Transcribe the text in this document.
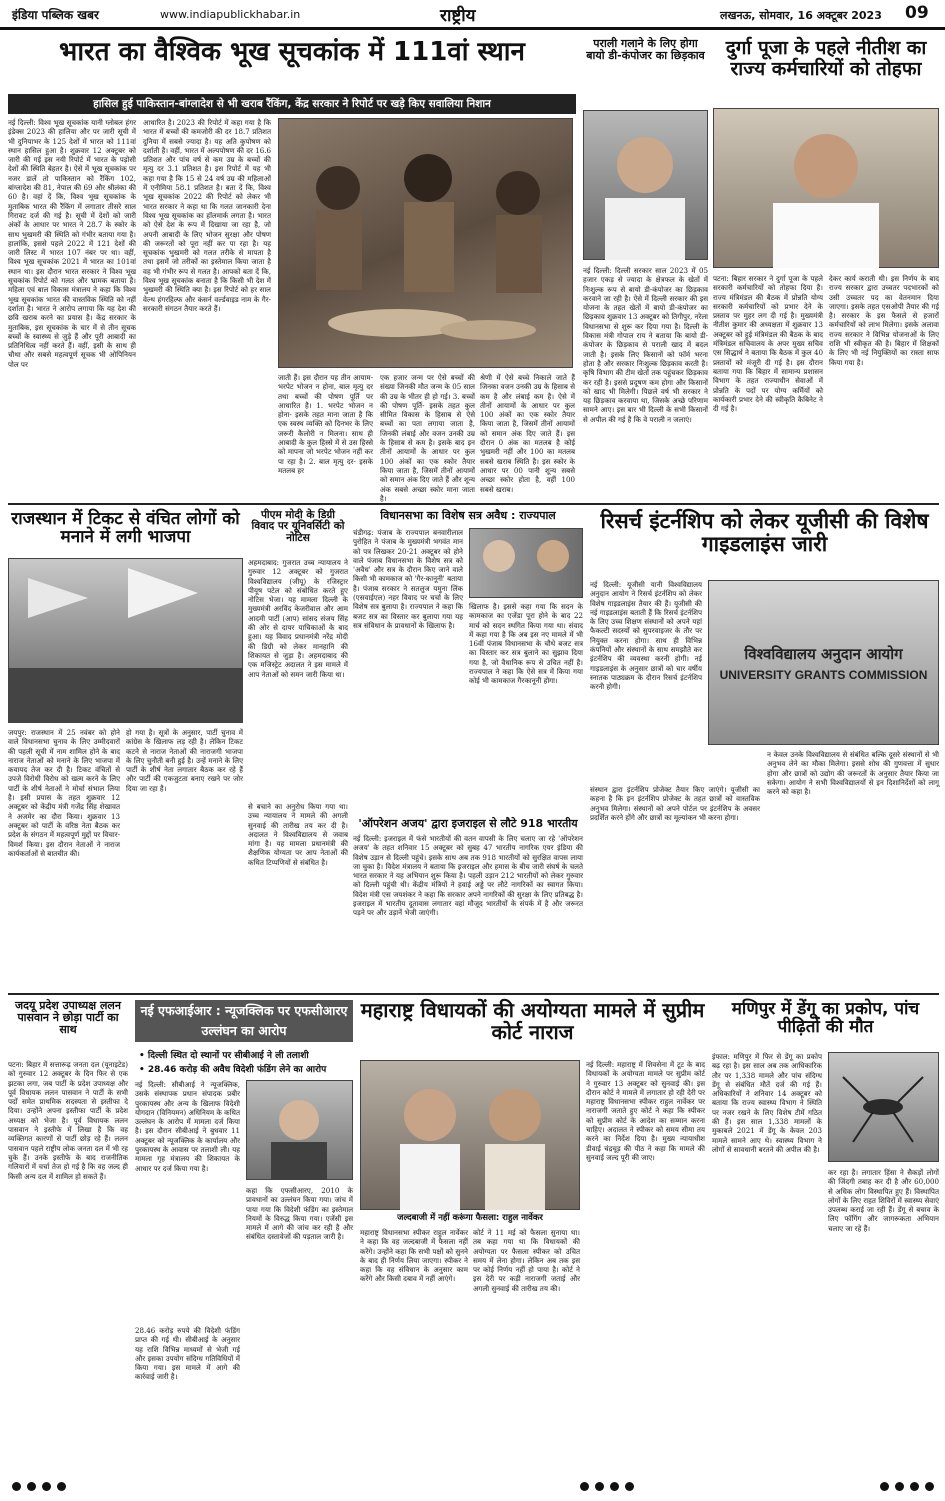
इंडिया पब्लिक खबर	www.indiapublickhabar.in	राष्ट्रीय	लखनऊ, सोमवार, 16 अक्टूबर 2023 09
भारत का वैश्विक भूख सूचकांक में 111वां स्थान
हासिल हुई पाकिस्तान-बांग्लादेश से भी खराब रैंकिंग, केंद्र सरकार ने रिपोर्ट पर खड़े किए सवालिया निशान
नई दिल्ली: विश्व भूख सूचकांक यानी ग्लोबल हंगर इंडेक्स 2023 की हालिया और पर जारी सूची में भी दुनियाभर के 125 देशों में भारत को 111वां स्थान हासिल हुआ है। शुक्रवार 12 अक्टूबर को जारी की गई इस नयी रिपोर्ट में भारत के पड़ोसी देशों की स्थिति बेहतर है। ऐसे में भूख सूचकांक पर नजर डालें तो पाकिस्तान को रैंकिंग 102, बांग्लादेश की 81, नेपाल की 69 और श्रीलंका की 60 है। वहां दें कि, विश्व भूख सूचकांक के मुताबिक भारत की रैंकिंग में लगातार तीसरे साल गिरावट दर्ज की गई है। सूची में देशों को जारी अंकों के आधार पर भारत ने 28.7 के स्कोर के साथ भुखमरी की स्थिति को गंभीर बताया गया है। हालांकि, इससे पहले 2022 में 121 देशों की जारी लिस्ट में भारत 107 नंबर पर था। वहीं, विश्व भूख सूचकांक 2021 में भारत का 101वां स्थान था। इस दौरान भारत सरकार ने विश्व भूख सूचकांक रिपोर्ट को गलत और भ्रामक बताया है। महिला एवं बाल विकास मंत्रालय ने कहा कि विश्व भूख सूचकांक भारत की वास्तविक स्थिति को नहीं दर्शाता है। भारत ने आरोप लगाया कि यह देश की छवि खराब करने का प्रयास है। केंद्र सरकार के मुताबिक, इस सूचकांक के चार में से तीन सूचक बच्चों के स्वास्थ्य से जुड़े हैं और पूरी आबादी का प्रतिनिधित्व नहीं करते हैं। वहीं, इसी के साथ ही चौथा और सबसे महत्वपूर्ण सूचक भी ओपिनियन पोल पर
आधारित है। 2023 की रिपोर्ट में कहा गया है कि भारत में बच्चों की कमजोरी की दर 18.7 प्रतिशत दुनिया में सबसे ज्यादा है। यह अति कुपोषण को दर्शाती है। वहीं, भारत में अल्पपोषण की दर 16.6 प्रतिशत और पांच वर्ष से कम उम्र के बच्चों की मृत्यु दर 3.1 प्रतिशत है। इस रिपोर्ट में यह भी कहा गया है कि 15 से 24 वर्ष उम्र की महिलाओं में एनीमिया 58.1 प्रतिशत है। बता दें कि, विश्व भूख सूचकांक 2022 की रिपोर्ट को लेकर भी भारत सरकार ने कहा था कि गलत जानकारी देना विश्व भूख सूचकांक का हॉलमार्क लगता है। भारत को ऐसे देश के रूप में दिखाया जा रहा है, जो अपनी आबादी के लिए भोजन सुरक्षा और पोषण की जरूरतों को पूरा नहीं कर पा रहा है। यह सूचकांक भुखमरी को गलत तरीके से मापता है तथा इसमें जो तरीकों का इस्तेमाल किया जाता है वह भी गंभीर रूप से गलत है। आपको बता दें कि, विश्व भूख सूचकांक बनाता है कि किसी भी देश में भुखमरी की स्थिति क्या है। इस रिपोर्ट को हर साल वेल्थ हंगरहिल्फ और कंसर्न वर्ल्डवाइड नाम के गैर-सरकारी संगठन तैयार करते हैं।
जाती हैं। इस दौरान यह तीन आयाम- भरपेट भोजन न होना, बाल मृत्यु दर तथा बच्चों की पोषण पूर्ति पर आधारित है। 1. भरपेट भोजन न होना- इसके तहत माना जाता है कि एक स्वस्थ व्यक्ति को दिनभर के लिए जरूरी कैलोरी न मिलना। साथ ही आबादी के कुल हिस्से में से उस हिस्से को मापना जो भरपेट भोजन नहीं कर पा रहा है। 2. बाल मृत्यु दर- इसके मतलब हर
एक हजार जन्म पर ऐसे बच्चों की संख्या जिनकी मौत जन्म के 05 साल की उम्र के भीतर ही हो गई। 3. बच्चों की पोषण पूर्ति- इसके तहत कुल सीमित विकास के हिसाब से ऐसे बच्चों का पता लगाया जाता है, जिनकी लंबाई और वजन उनकी उम्र के हिसाब से कम है। इसके बाद इन तीनों आयामों के आधार पर कुल 100 अंकों का एक स्कोर तैयार किया जाता है, जिसमें तीनों आयामों को समान अंक दिए जाते हैं और शून्य अंक सबसे अच्छा स्कोर माना जाता है।
श्रेणी में ऐसे बच्चे निकाले जाते हैं जिनका वजन उनकी उम्र के हिसाब से कम है और लंबाई कम है। ऐसे में तीनों आयामों के आधार पर कुल 100 अंकों का एक स्कोर तैयार किया जाता है, जिसमें तीनों आयामों को समान अंक दिए जाते हैं। इस दौरान 0 अंक का मतलब है कोई भुखमरी नहीं और 100 का मतलब सबसे खराब स्थिति है। इस स्कोर के आधार पर 00 पानी शून्य सबसे अच्छा स्कोर होता है, वहीं 100 सबसे खराब।
पराली गलाने के लिए होगा बायो डी-कंपोजर का छिड़काव
नई दिल्ली: दिल्ली सरकार साल 2023 में 05 हजार एकड़ से ज्यादा के क्षेत्रफल के खेतों में निःशुल्क रूप से बायो डी-कंपोजर का छिड़काव करवाने जा रही है। ऐसे में दिल्ली सरकार की इस योजना के तहत खेतों में बायो डी-कंपोजर का छिड़काव शुक्रवार 13 अक्टूबर को तिगीपुर, नरेला विधानसभा से शुरू कर दिया गया है। दिल्ली के विकास मंत्री गोपाल राय ने बताया कि बायो डी-कंपोजर के छिड़काव से पराली खाद में बदल जाती है। इसके लिए किसानों को फॉर्म भरना होता है और सरकार निःशुल्क छिड़काव करती है। कृषि विभाग की टीम खेतों तक पहुंचकर छिड़काव कर रही है। इससे प्रदूषण कम होगा और किसानों को खाद भी मिलेगी। पिछले वर्ष भी सरकार ने यह छिड़काव करवाया था, जिसके अच्छे परिणाम सामने आए। इस बार भी दिल्ली के सभी किसानों से अपील की गई है कि वे पराली न जलाएं।
दुर्गा पूजा के पहले नीतीश का राज्य कर्मचारियों को तोहफा
पटना: बिहार सरकार ने दुर्गा पूजा के पहले सरकारी कर्मचारियों को तोहफा दिया है। राज्य मंत्रिमंडल की बैठक में प्रोन्नति योग्य सरकारी कर्मचारियों को प्रभार देने के प्रस्ताव पर मुहर लग दी गई है। मुख्यमंत्री नीतीश कुमार की अध्यक्षता में शुक्रवार 13 अक्टूबर को हुई मंत्रिमंडल की बैठक के बाद मंत्रिमंडल सचिवालय के अपर मुख्य सचिव एस सिद्धार्थ ने बताया कि बैठक में कुल 40 प्रस्तावों को मंजूरी दी गई है। इस दौरान बताया गया कि बिहार में सामान्य प्रशासन विभाग के तहत राज्याधीन सेवाओं में प्रोन्नति के पदों पर योग्य कर्मियों को कार्यकारी प्रभार देने की स्वीकृति कैबिनेट ने दी गई है।
देकर कार्य कराती थी। इस निर्णय के बाद राज्य सरकार द्वारा उच्चतर पदभारकों को उसी उच्चतर पद का वेतनमान दिया जाएगा। इसके तहत एसओपी तैयार की गई है। सरकार के इस फैसले से हजारों कर्मचारियों को लाभ मिलेगा। इसके अलावा राज्य सरकार ने विभिन्न योजनाओं के लिए राशि भी स्वीकृत की है। बिहार में शिक्षकों के लिए भी नई नियुक्तियों का रास्ता साफ किया गया है।
राजस्थान में टिकट से वंचित लोगों को मनाने में लगी भाजपा
जयपुर: राजस्थान में 25 नवंबर को होने वाले विधानसभा चुनाव के लिए उम्मीदवारों की पहली सूची में नाम शामिल होने के बाद नाराज नेताओं को मनाने के लिए भाजपा में कवायद तेज कर दी है। टिकट वंचितों से उपजे विरोधी विरोध को खत्म करने के लिए पार्टी के शीर्ष नेताओं ने मोर्चा संभाल लिया है। इसी प्रयास के तहत शुक्रवार 12 अक्टूबर को केंद्रीय मंत्री गजेंद्र सिंह शेखावत ने अजमेर का दौरा किया। शुक्रवार 13 अक्टूबर को पार्टी के वरिष्ठ नेता बैठक कर प्रदेश के संगठन में महत्वपूर्ण मुद्दों पर विचार-विमर्श किया। इस दौरान नेताओं ने नाराज कार्यकर्ताओं से बातचीत की।
हो गया है। सूत्रों के अनुसार, पार्टी चुनाव में कांग्रेस के खिलाफ लड़ रही है। लेकिन टिकट कटने से नाराज नेताओं की नाराजगी भाजपा के लिए चुनौती बनी हुई है। उन्हें मनाने के लिए पार्टी के शीर्ष नेता लगातार बैठक कर रहे हैं और पार्टी की एकजुटता बनाए रखने पर जोर दिया जा रहा है।
पीएम मोदी के डिग्री विवाद पर यूनिवर्सिटी को नोटिस
अहमदाबाद: गुजरात उच्च न्यायालय ने गुरुवार 12 अक्टूबर को गुजरात विश्वविद्यालय (जीयू) के रजिस्ट्रार पीयूष पटेल को संबोधित करते हुए नोटिस भेजा। यह मामला दिल्ली के मुख्यमंत्री अरविंद केजरीवाल और आम आदमी पार्टी (आप) सांसद संजय सिंह की ओर से दायर याचिकाओं के बाद हुआ। यह विवाद प्रधानमंत्री नरेंद्र मोदी की डिग्री को लेकर मानहानि की शिकायत से जुड़ा है। अहमदाबाद की एक मजिस्ट्रेट अदालत ने इस मामले में आप नेताओं को समन जारी किया था।
से बचाने का अनुरोध किया गया था। उच्च न्यायालय ने मामले की अगली सुनवाई की तारीख तय कर दी है। अदालत ने विश्वविद्यालय से जवाब मांगा है। यह मामला प्रधानमंत्री की शैक्षणिक योग्यता पर आप नेताओं की कथित टिप्पणियों से संबंधित है।
विधानसभा का विशेष सत्र अवैध : राज्यपाल
चंडीगढ़: पंजाब के राज्यपाल बनवारीलाल पुरोहित ने पंजाब के मुख्यमंत्री भगवंत मान को पत्र लिखकर 20-21 अक्टूबर को होने वाले पंजाब विधानसभा के विशेष सत्र को 'अवैध' और सत्र के दौरान किए जाने वाले किसी भी कामकाज को 'गैर-कानूनी' बताया है। पंजाब सरकार ने सतलुज यमुना लिंक (एसवाईएल) नहर विवाद पर चर्चा के लिए विशेष सत्र बुलाया है। राज्यपाल ने कहा कि बजट सत्र का विस्तार कर बुलाया गया यह सत्र संविधान के प्रावधानों के खिलाफ है।
खिलाफ है। इससे कहा गया कि सदन के कामकाज का एजेंडा पूरा होने के बाद 22 मार्च को सदन स्थगित किया गया था। संवाद में कहा गया है कि अब इस नए मामले में भी 16वीं पंजाब विधानसभा के चौथे बजट सत्र का विस्तार कर सत्र बुलाने का सुझाव दिया गया है, जो वैधानिक रूप से उचित नहीं है। राज्यपाल ने कहा कि ऐसे सत्र में किया गया कोई भी कामकाज गैरकानूनी होगा।
'ऑपरेशन अजय' द्वारा इजराइल से लौटे 918 भारतीय
नई दिल्ली: इजराइल में फंसे भारतीयों की वतन वापसी के लिए चलाए जा रहे 'ऑपरेशन अजय' के तहत शनिवार 15 अक्टूबर को सुबह 47 भारतीय नागरिक एयर इंडिया की विशेष उड़ान से दिल्ली पहुंचे। इसके साथ अब तक 918 भारतीयों को सुरक्षित वापस लाया जा चुका है। विदेश मंत्रालय ने बताया कि इजराइल और हमास के बीच जारी संघर्ष के चलते भारत सरकार ने यह अभियान शुरू किया है। पहली उड़ान 212 भारतीयों को लेकर गुरुवार को दिल्ली पहुंची थी। केंद्रीय मंत्रियों ने हवाई अड्डे पर लौटे नागरिकों का स्वागत किया। विदेश मंत्री एस जयशंकर ने कहा कि सरकार अपने नागरिकों की सुरक्षा के लिए प्रतिबद्ध है। इजराइल में भारतीय दूतावास लगातार वहां मौजूद भारतीयों के संपर्क में है और जरूरत पड़ने पर और उड़ानें भेजी जाएंगी।
रिसर्च इंटर्नशिप को लेकर यूजीसी की विशेष गाइडलाइंस जारी
नई दिल्ली: यूजीसी यानी विश्वविद्यालय अनुदान आयोग ने रिसर्च इंटर्नशिप को लेकर विशेष गाइडलाइंस तैयार की हैं। यूजीसी की नई गाइडलाइंस बताती हैं कि रिसर्च इंटर्नशिप के लिए उच्च शिक्षण संस्थानों को अपने यहां फैकल्टी सदस्यों को सुपरवाइजर के तौर पर नियुक्त करना होगा। साथ ही विभिन्न कंपनियों और संस्थानों के साथ समझौते कर इंटर्नशिप की व्यवस्था करनी होगी। नई गाइडलाइंस के अनुसार छात्रों को चार वर्षीय स्नातक पाठ्यक्रम के दौरान रिसर्च इंटर्नशिप करनी होगी।
विश्वविद्यालय अनुदान आयोग
UNIVERSITY GRANTS COMMISSION
संस्थान द्वारा इंटर्नशिप प्रोजेक्ट तैयार किए जाएंगे। यूजीसी का कहना है कि इन इंटर्नशिप प्रोजेक्ट के तहत छात्रों को वास्तविक अनुभव मिलेगा। संस्थानों को अपने पोर्टल पर इंटर्नशिप के अवसर प्रदर्शित करने होंगे और छात्रों का मूल्यांकन भी करना होगा।
न केवल उनके विश्वविद्यालय से संबंधित बल्कि दूसरे संस्थानों से भी अनुभव लेने का मौका मिलेगा। इससे शोध की गुणवत्ता में सुधार होगा और छात्रों को उद्योग की जरूरतों के अनुसार तैयार किया जा सकेगा। आयोग ने सभी विश्वविद्यालयों से इन दिशानिर्देशों को लागू करने को कहा है।
जदयू प्रदेश उपाध्यक्ष ललन पासवान ने छोड़ा पार्टी का साथ
पटना: बिहार में सत्तारूढ़ जनता दल (यूनाइटेड) को गुरुवार 12 अक्टूबर के दिन फिर से एक झटका लगा, जब पार्टी के प्रदेश उपाध्यक्ष और पूर्व विधायक ललन पासवान ने पार्टी के सभी पदों समेत प्राथमिक सदस्यता से इस्तीफा दे दिया। उन्होंने अपना इस्तीफा पार्टी के प्रदेश अध्यक्ष को भेजा है। पूर्व विधायक ललन पासवान ने इस्तीफे में लिखा है कि वह व्यक्तिगत कारणों से पार्टी छोड़ रहे हैं। ललन पासवान पहले राष्ट्रीय लोक जनता दल में भी रह चुके हैं। उनके इस्तीफे के बाद राजनीतिक गलियारों में चर्चा तेज हो गई है कि वह जल्द ही किसी अन्य दल में शामिल हो सकते हैं।
नई एफआईआर : न्यूजक्लिक पर एफसीआरए उल्लंघन का आरोप
• दिल्ली स्थित दो स्थानों पर सीबीआई ने ली तलाशी
• 28.46 करोड़ की अवैध विदेशी फंडिंग लेने का आरोप
नई दिल्ली: सीबीआई ने न्यूजक्लिक, उसके संस्थापक प्रधान संपादक प्रबीर पुरकायस्थ और अन्य के खिलाफ विदेशी योगदान (विनियमन) अधिनियम के कथित उल्लंघन के आरोप में मामला दर्ज किया है। इस दौरान सीबीआई ने बुधवार 11 अक्टूबर को न्यूजक्लिक के कार्यालय और पुरकायस्थ के आवास पर तलाशी ली। यह मामला गृह मंत्रालय की शिकायत के आधार पर दर्ज किया गया है।
कहा कि एफसीआरए, 2010 के प्रावधानों का उल्लंघन किया गया। जांच में पाया गया कि विदेशी फंडिंग का इस्तेमाल नियमों के विरुद्ध किया गया। एजेंसी इस मामले में आगे की जांच कर रही है और संबंधित दस्तावेजों की पड़ताल जारी है।
28.46 करोड़ रुपये की विदेशी फंडिंग प्राप्त की गई थी। सीबीआई के अनुसार यह राशि विभिन्न माध्यमों से भेजी गई और इसका उपयोग संदिग्ध गतिविधियों में किया गया। इस मामले में आगे की कार्रवाई जारी है।
महाराष्ट्र विधायकों की अयोग्यता मामले में सुप्रीम कोर्ट नाराज
जल्दबाजी में नहीं करूंगा फैसला: राहुल नार्वेकर
नई दिल्ली: महाराष्ट्र में शिवसेना में टूट के बाद विधायकों के अयोग्यता मामले पर सुप्रीम कोर्ट ने गुरुवार 13 अक्टूबर को सुनवाई की। इस दौरान कोर्ट ने मामले में लगातार हो रही देरी पर महाराष्ट्र विधानसभा स्पीकर राहुल नार्वेकर पर नाराजगी जताते हुए कोर्ट ने कहा कि स्पीकर को सुप्रीम कोर्ट के आदेश का सम्मान करना चाहिए। अदालत ने स्पीकर को समय सीमा तय करने का निर्देश दिया है। मुख्य न्यायाधीश डीवाई चंद्रचूड़ की पीठ ने कहा कि मामले की सुनवाई जल्द पूरी की जाए।
महाराष्ट्र विधानसभा स्पीकर राहुल नार्वेकर ने कहा कि वह जल्दबाजी में फैसला नहीं करेंगे। उन्होंने कहा कि सभी पक्षों को सुनने के बाद ही निर्णय लिया जाएगा। स्पीकर ने कहा कि वह संविधान के अनुसार काम करेंगे और किसी दबाव में नहीं आएंगे।
कोर्ट ने 11 मई को फैसला सुनाया था। तब कहा गया था कि विधायकों की अयोग्यता पर फैसला स्पीकर को उचित समय में लेना होगा। लेकिन अब तक इस पर कोई निर्णय नहीं हो पाया है। कोर्ट ने इस देरी पर कड़ी नाराजगी जताई और अगली सुनवाई की तारीख तय की।
मणिपुर में डेंगू का प्रकोप, पांच पीढ़ितों की मौत
इंफाल: मणिपुर में फिर से डेंगू का प्रकोप बढ़ रहा है। इस साल अब तक आधिकारिक तौर पर 1,338 मामले और पांच संदिग्ध डेंगू से संबंधित मौतें दर्ज की गई हैं। अधिकारियों ने शनिवार 14 अक्टूबर को बताया कि राज्य स्वास्थ्य विभाग ने स्थिति पर नजर रखने के लिए विशेष टीमें गठित की हैं। इस साल 1,338 मामलों के मुकाबले 2021 में डेंगू के केवल 203 मामले सामने आए थे। स्वास्थ्य विभाग ने लोगों से सावधानी बरतने की अपील की है।
कर रहा है। लगातार हिंसा ने सैकड़ों लोगों की जिंदगी तबाह कर दी है और 60,000 से अधिक लोग विस्थापित हुए हैं। विस्थापित लोगों के लिए राहत शिविरों में स्वास्थ्य सेवाएं उपलब्ध कराई जा रही हैं। डेंगू से बचाव के लिए फॉगिंग और जागरूकता अभियान चलाए जा रहे हैं।
